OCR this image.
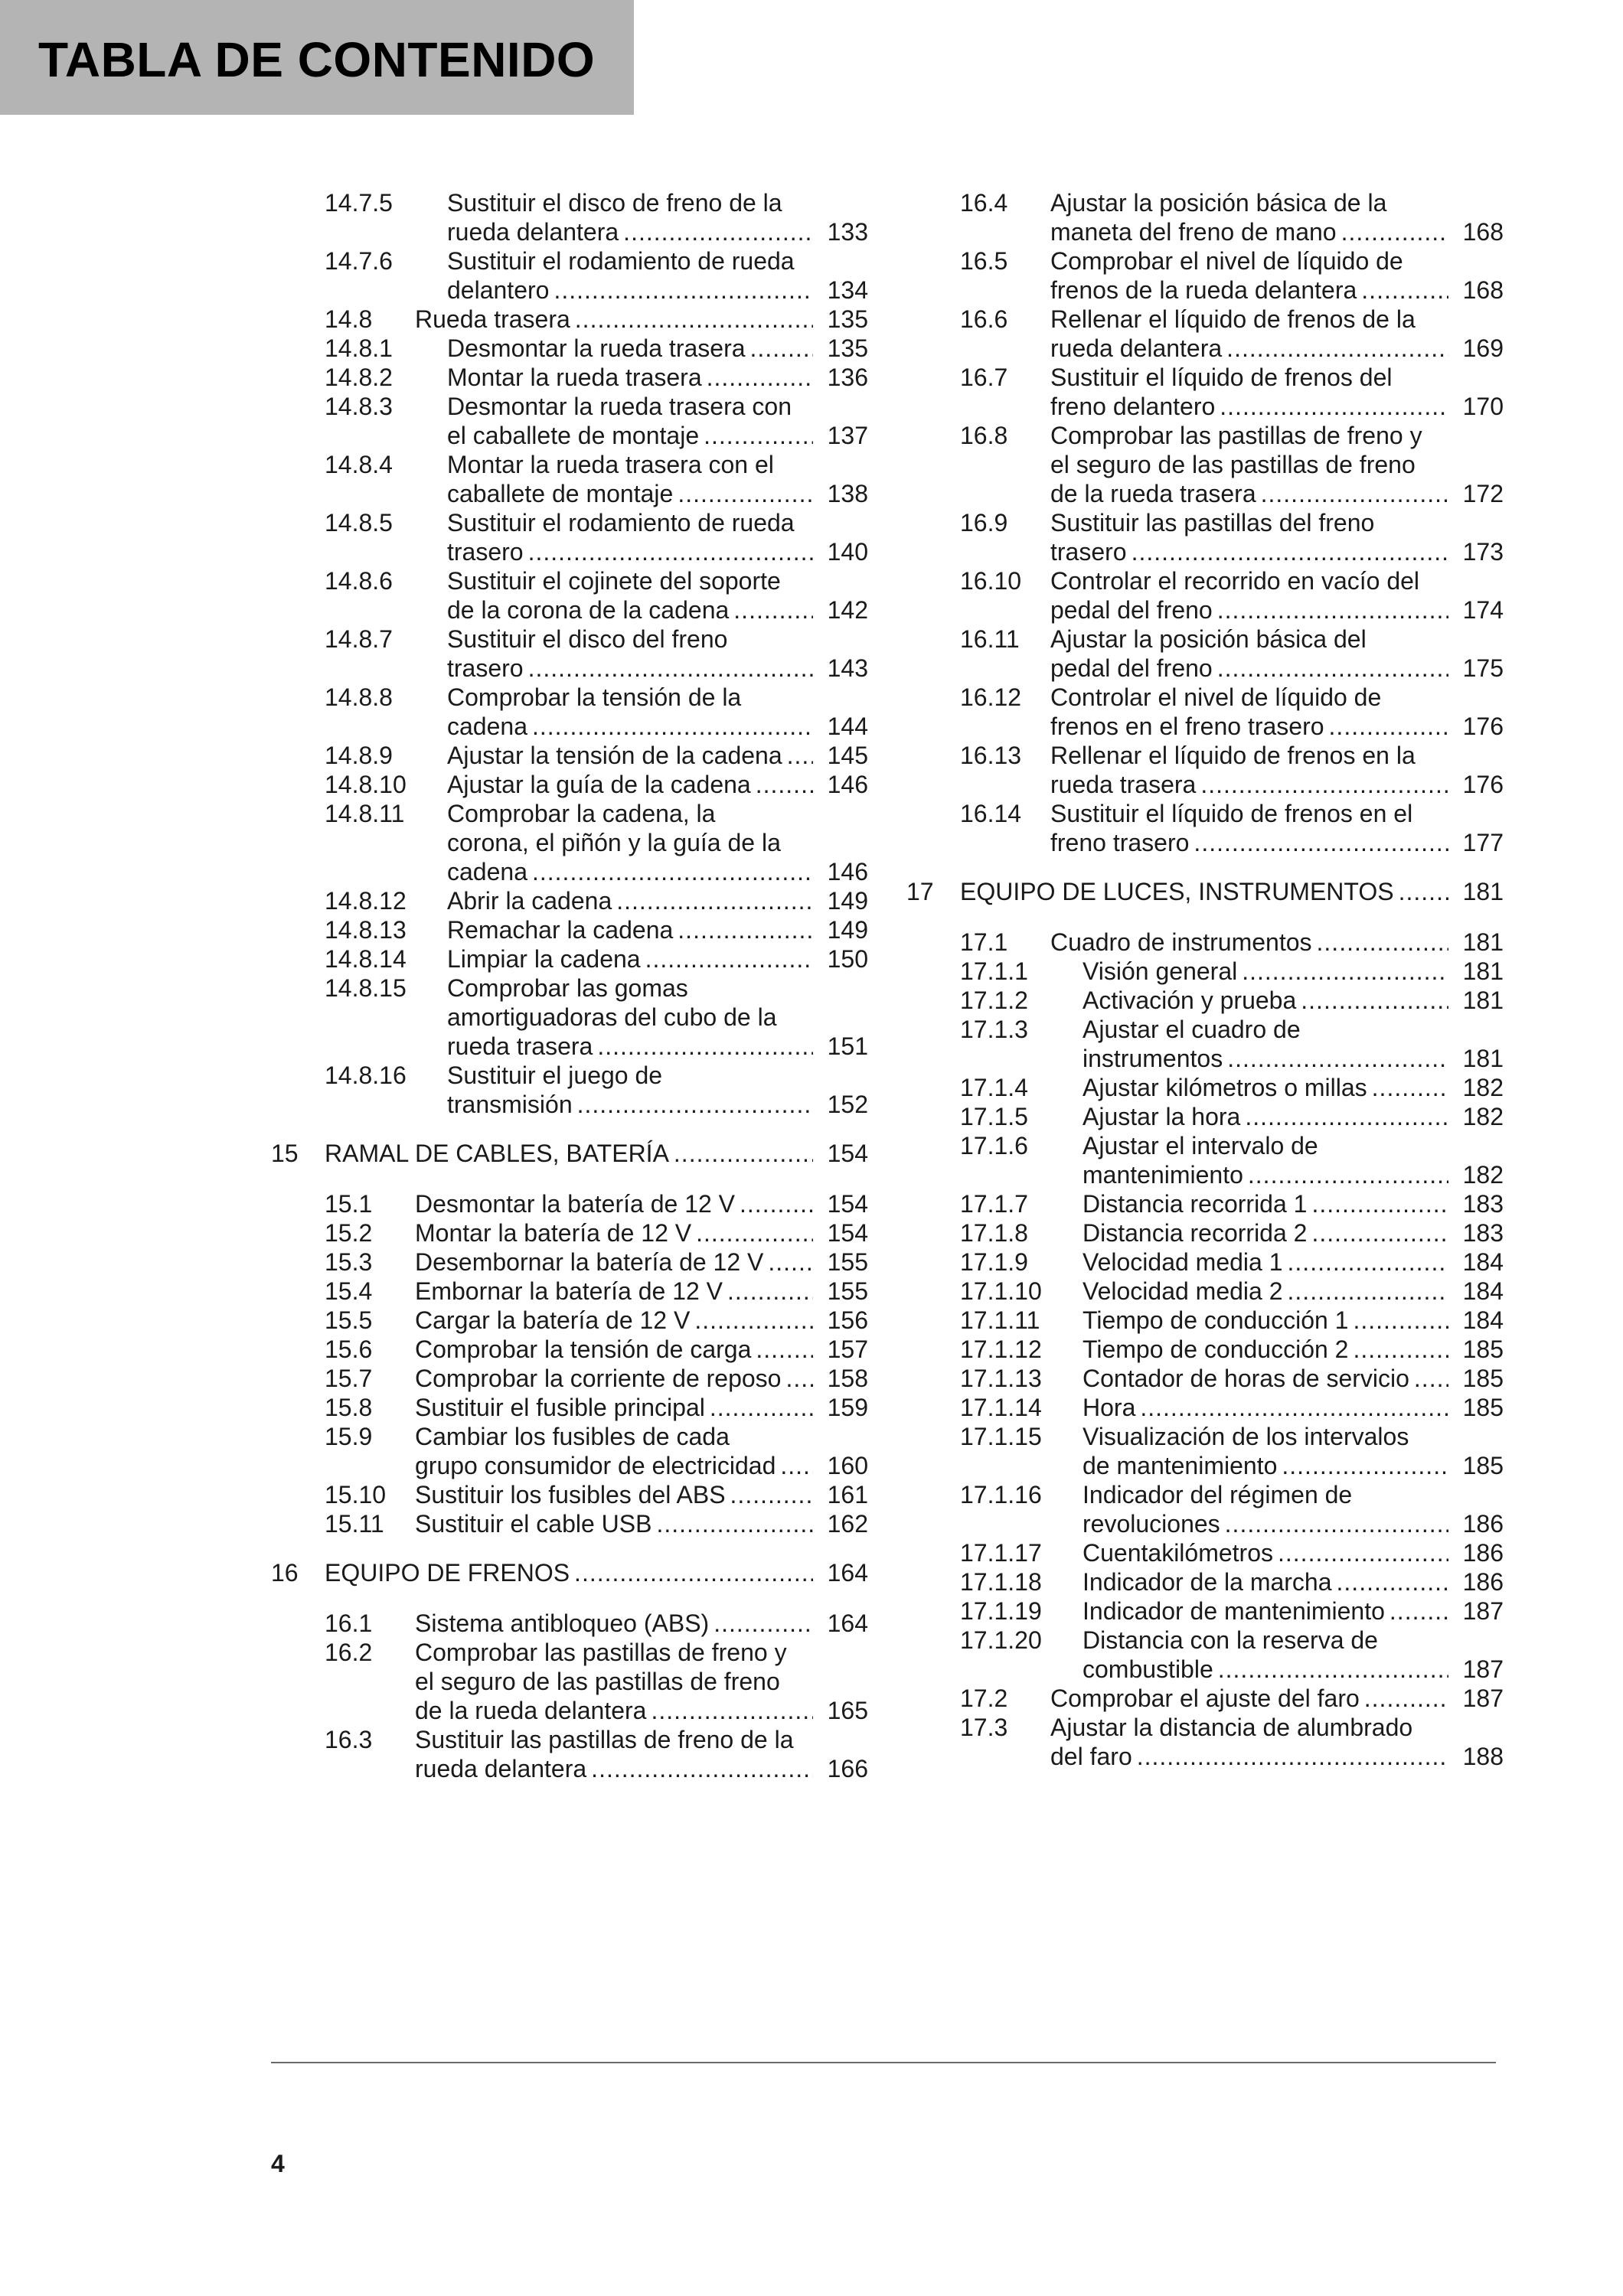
TABLA DE CONTENIDO
14.7.5 Sustituir el disco de freno de la
rueda delantera .....	133
14.7.6 Sustituir el rodamiento de rueda
delantero .....	134
14.8 Rueda trasera .....	135
14.8.1 Desmontar la rueda trasera .....	135
14.8.2 Montar la rueda trasera .....	136
14.8.3 Desmontar la rueda trasera con
el caballete de montaje .....	137
14.8.4 Montar la rueda trasera con el
caballete de montaje .....	138
14.8.5 Sustituir el rodamiento de rueda
trasero .....	140
14.8.6 Sustituir el cojinete del soporte
de la corona de la cadena .....	142
14.8.7 Sustituir el disco del freno
trasero .....	143
14.8.8 Comprobar la tensión de la
cadena .....	144
14.8.9 Ajustar la tensión de la cadena .....	145
14.8.10 Ajustar la guía de la cadena .....	146
14.8.11 Comprobar la cadena, la
corona, el piñón y la guía de la
cadena .....	146
14.8.12 Abrir la cadena .....	149
14.8.13 Remachar la cadena .....	149
14.8.14 Limpiar la cadena .....	150
14.8.15 Comprobar las gomas
amortiguadoras del cubo de la
rueda trasera .....	151
14.8.16 Sustituir el juego de
transmisión .....	152
15 RAMAL DE CABLES, BATERÍA .....	154
15.1 Desmontar la batería de 12 V .....	154
15.2 Montar la batería de 12 V .....	154
15.3 Desembornar la batería de 12 V .....	155
15.4 Embornar la batería de 12 V .....	155
15.5 Cargar la batería de 12 V .....	156
15.6 Comprobar la tensión de carga .....	157
15.7 Comprobar la corriente de reposo .....	158
15.8 Sustituir el fusible principal .....	159
15.9 Cambiar los fusibles de cada
grupo consumidor de electricidad .....	160
15.10 Sustituir los fusibles del ABS .....	161
15.11 Sustituir el cable USB .....	162
16 EQUIPO DE FRENOS .....	164
16.1 Sistema antibloqueo (ABS) .....	164
16.2 Comprobar las pastillas de freno y
el seguro de las pastillas de freno
de la rueda delantera .....	165
16.3 Sustituir las pastillas de freno de la
rueda delantera .....	166
16.4 Ajustar la posición básica de la
maneta del freno de mano .....	168
16.5 Comprobar el nivel de líquido de
frenos de la rueda delantera .....	168
16.6 Rellenar el líquido de frenos de la
rueda delantera .....	169
16.7 Sustituir el líquido de frenos del
freno delantero .....	170
16.8 Comprobar las pastillas de freno y
el seguro de las pastillas de freno
de la rueda trasera .....	172
16.9 Sustituir las pastillas del freno
trasero .....	173
16.10 Controlar el recorrido en vacío del
pedal del freno .....	174
16.11 Ajustar la posición básica del
pedal del freno .....	175
16.12 Controlar el nivel de líquido de
frenos en el freno trasero .....	176
16.13 Rellenar el líquido de frenos en la
rueda trasera .....	176
16.14 Sustituir el líquido de frenos en el
freno trasero .....	177
17 EQUIPO DE LUCES, INSTRUMENTOS .....	181
17.1 Cuadro de instrumentos .....	181
17.1.1 Visión general .....	181
17.1.2 Activación y prueba .....	181
17.1.3 Ajustar el cuadro de
instrumentos .....	181
17.1.4 Ajustar kilómetros o millas .....	182
17.1.5 Ajustar la hora .....	182
17.1.6 Ajustar el intervalo de
mantenimiento .....	182
17.1.7 Distancia recorrida 1 .....	183
17.1.8 Distancia recorrida 2 .....	183
17.1.9 Velocidad media 1 .....	184
17.1.10 Velocidad media 2 .....	184
17.1.11 Tiempo de conducción 1 .....	184
17.1.12 Tiempo de conducción 2 .....	185
17.1.13 Contador de horas de servicio .....	185
17.1.14 Hora .....	185
17.1.15 Visualización de los intervalos
de mantenimiento .....	185
17.1.16 Indicador del régimen de
revoluciones .....	186
17.1.17 Cuentakilómetros .....	186
17.1.18 Indicador de la marcha .....	186
17.1.19 Indicador de mantenimiento .....	187
17.1.20 Distancia con la reserva de
combustible .....	187
17.2 Comprobar el ajuste del faro .....	187
17.3 Ajustar la distancia de alumbrado
del faro .....	188
4
